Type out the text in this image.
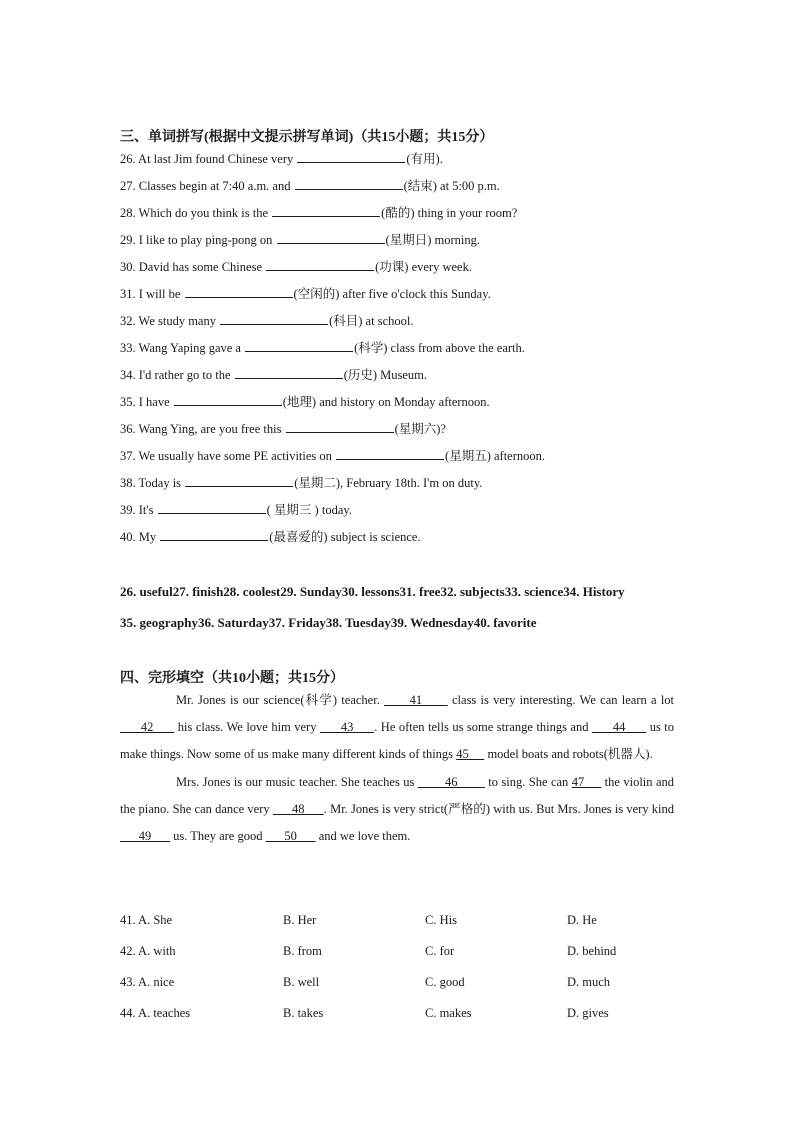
三、单词拼写(根据中文提示拼写单词)（共15小题；共15分）
26. At last Jim found Chinese very	(有用).
27. Classes begin at 7:40 a.m. and	(结束) at 5:00 p.m.
28. Which do you think is the	(酷的) thing in your room?
29. I like to play ping-pong on	(星期日) morning.
30. David has some Chinese	(功课) every week.
31. I will be	(空闲的) after five o'clock this Sunday.
32. We study many	(科目) at school.
33. Wang Yaping gave a	(科学) class from above the earth.
34. I'd rather go to the	(历史) Museum.
35. I have	(地理) and history on Monday afternoon.
36. Wang Ying, are you free this	(星期六)?
37. We usually have some PE activities on	(星期五) afternoon.
38. Today is	(星期二), February 18th. I'm on duty.
39. It's	( 星期三 ) today.
40. My	(最喜爱的) subject is science.
26. useful27. finish28. coolest29. Sunday30. lessons31. free32. subjects33. science34. History
35. geography36. Saturday37. Friday38. Tuesday39. Wednesday40. favorite
四、完形填空（共10小题；共15分）

Mr. Jones is our science(科学) teacher.       41       class is very interesting. We can learn a lot       42       his class. We love him very       43      . He often tells us some strange things and       44       us to make things. Now some of us make many different kinds of things 45      model boats and robots(机器人).

Mrs. Jones is our music teacher. She teaches us         46         to sing. She can 47      the violin and the piano. She can dance very       48      . Mr. Jones is very strict(严格的) with us. But Mrs. Jones is very kind       49       us. They are good       50       and we love them.

41. A. She	B. Her	C. His	D. He
42. A. with	B. from	C. for	D. behind
43. A. nice	B. well	C. good	D. much
44. A. teaches	B. takes	C. makes	D. gives
